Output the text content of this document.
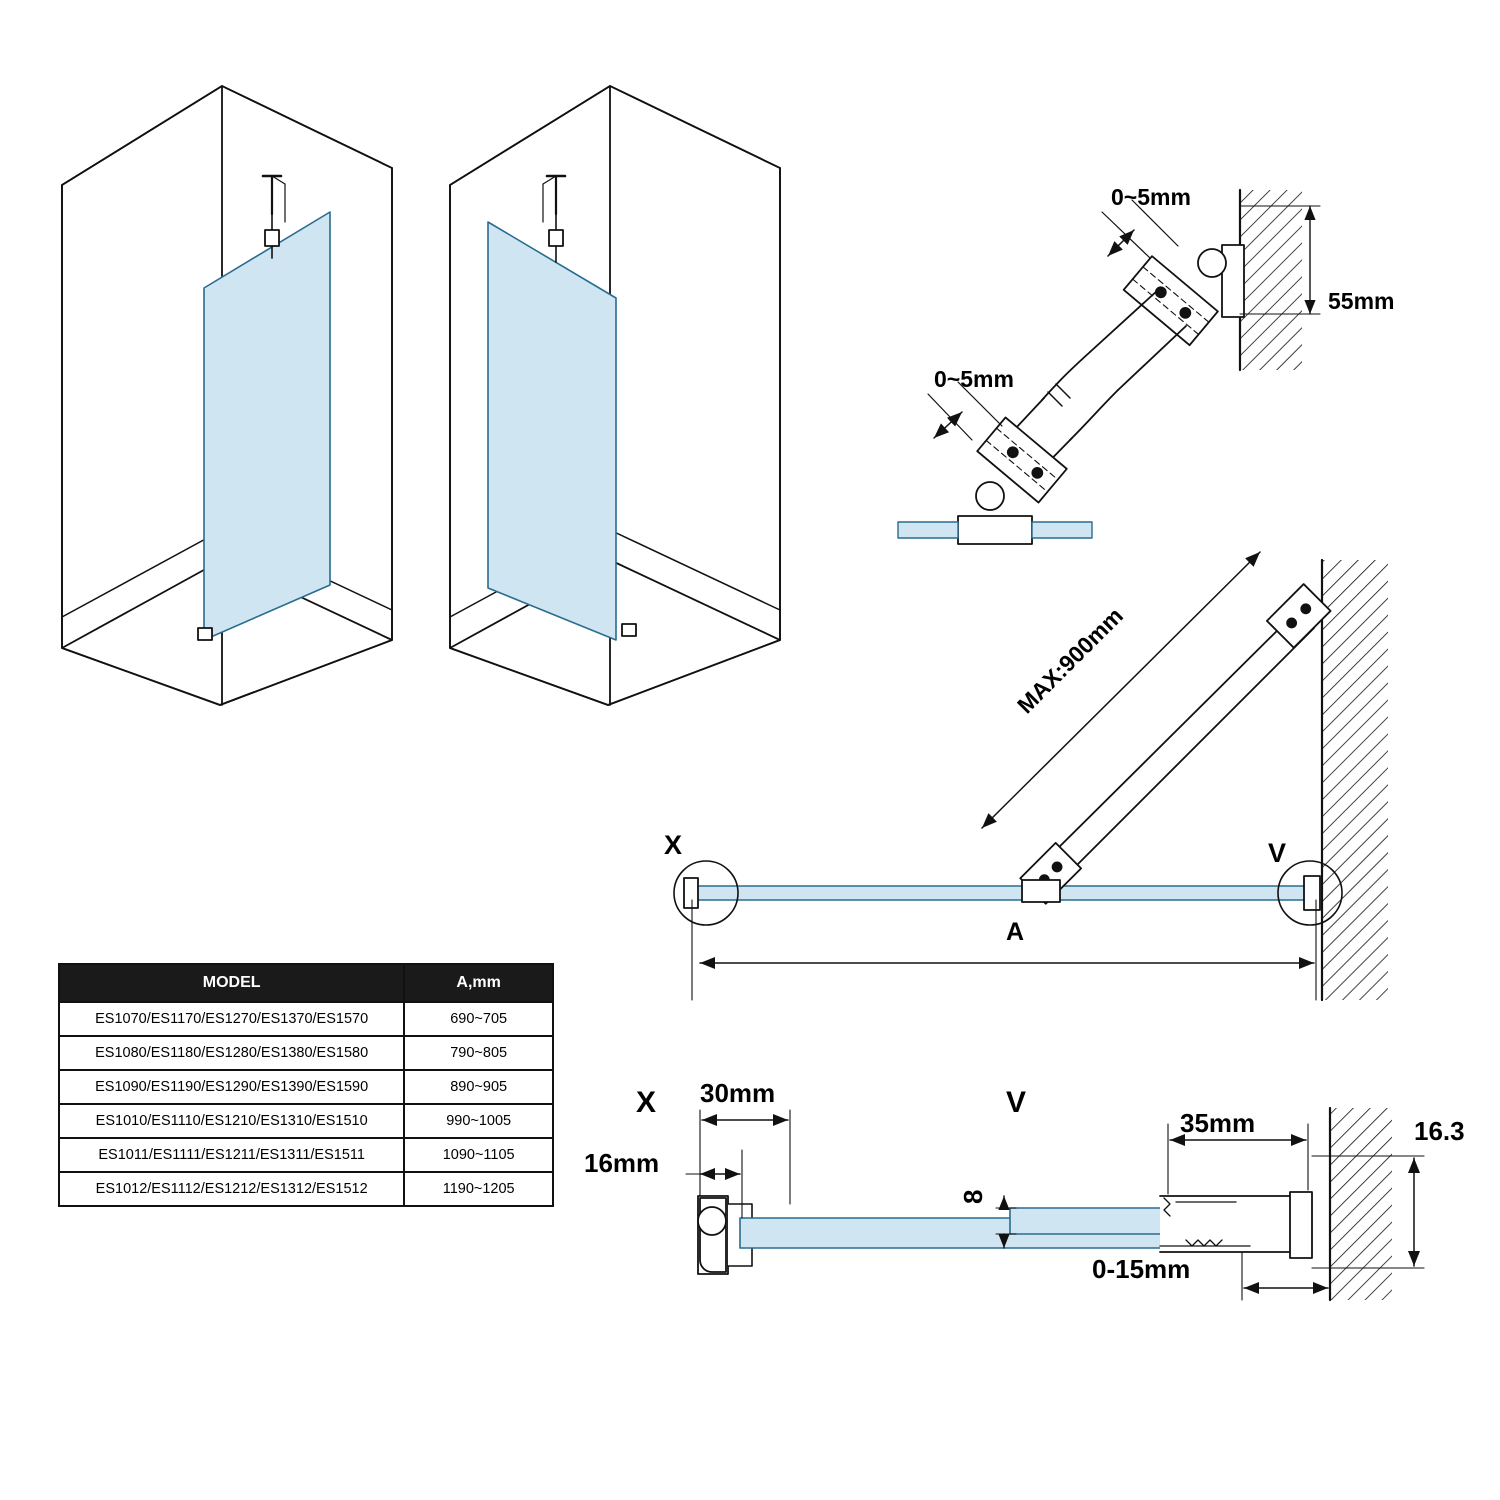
0~5mm
0~5mm
55mm
MAX:900mm
A
X	V
X	V
30mm
16mm
35mm	16.3
8
0-15mm
MODEL	A,mm
ES1070/ES1170/ES1270/ES1370/ES1570	690~705
ES1080/ES1180/ES1280/ES1380/ES1580	790~805
ES1090/ES1190/ES1290/ES1390/ES1590	890~905
ES1010/ES1110/ES1210/ES1310/ES1510	990~1005
ES1011/ES1111/ES1211/ES1311/ES1511	1090~1105
ES1012/ES1112/ES1212/ES1312/ES1512	1190~1205
